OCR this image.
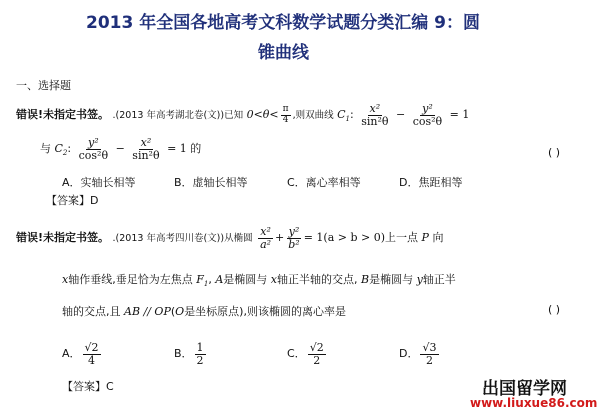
2013 年全国各地高考文科数学试题分类汇编 9：圆
锥曲线
一、选择题
错误!未指定书签。 .(2013 年高考湖北卷(文))已知 $0<\theta< \frac{\pi}{4}$ ,则双曲线 $C_1$: $\frac{\text{x²}}{\text{sin²θ}} - \frac{\text{y²}}{\text{cos²θ}} = 1$
与 $C_2$: $\frac{\text{y²}}{\text{cos²θ}} - \frac{\text{x²}}{\text{sin²θ}} = 1$ 的	( )
A．实轴长相等	B．虚轴长相等	C．离心率相等	D．焦距相等
【答案】D
错误!未指定书签。 .(2013 年高考四川卷(文))从椭圆 $\frac{\text{x²}}{\text{a²}} + \frac{\text{y²}}{\text{b²}} = 1(a > b > 0)$上一点 P 向
x轴作垂线,垂足恰为左焦点 $F_1$, A是椭圆与 x轴正半轴的交点, B是椭圆与 y轴正半
轴的交点,且 AB // OP(O是坐标原点),则该椭圆的离心率是	( )
A． $\frac{√2}{4}$	B． $\frac{1}{2}$	C． $\frac{√2}{2}$	D． $\frac{√3}{2}$
【答案】C	出国留学网
www.liuxue86.com
